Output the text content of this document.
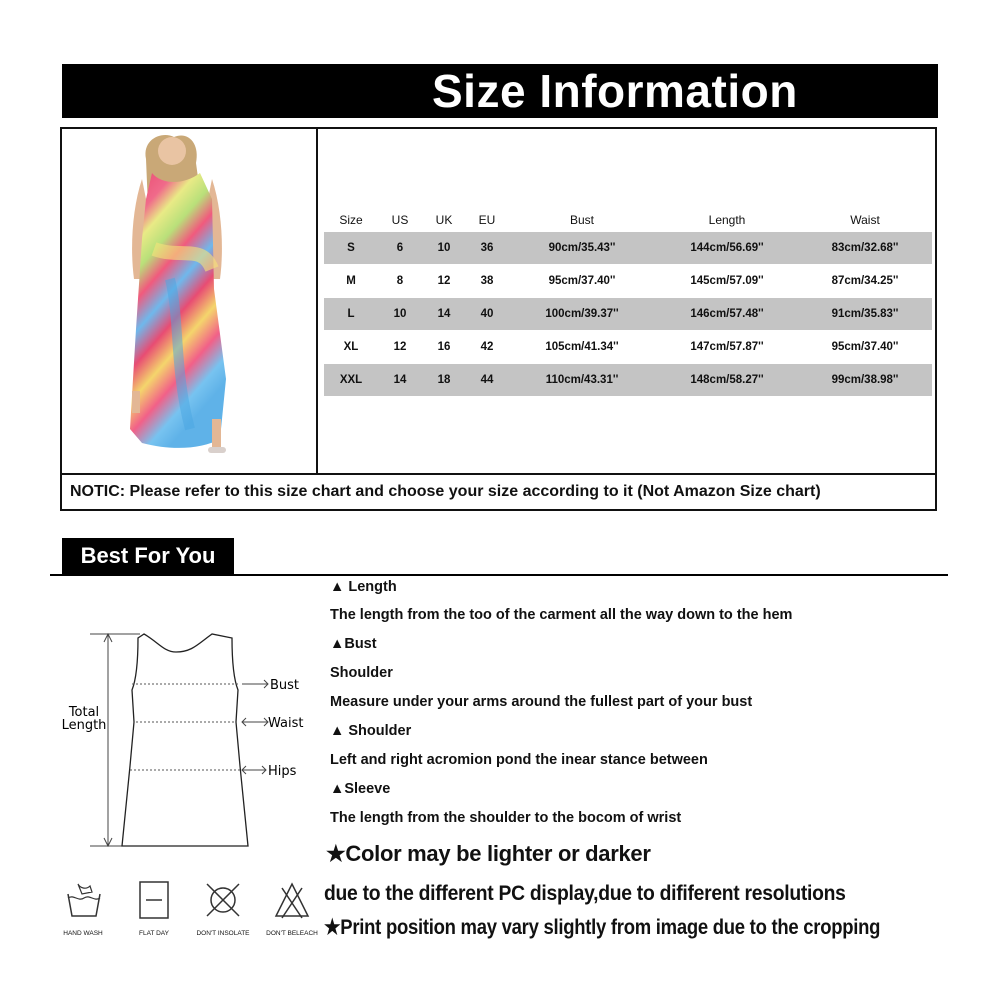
Size Information
NOTIC: Please refer to this size chart and choose your size according to it (Not Amazon Size chart)
Size	US	UK	EU	Bust	Length	Waist
S	6	10	36	90cm/35.43''	144cm/56.69''	83cm/32.68''
M	8	12	38	95cm/37.40''	145cm/57.09''	87cm/34.25''
L	10	14	40	100cm/39.37''	146cm/57.48''	91cm/35.83''
XL	12	16	42	105cm/41.34''	147cm/57.87''	95cm/37.40''
XXL	14	18	44	110cm/43.31''	148cm/58.27''	99cm/38.98''
Best For You
Total
Length
Bust
Waist
Hips
▲ Length
The length from the too of the carment all the way down to the hem
▲Bust
Shoulder
Measure under your arms around the fullest part of your bust
▲ Shoulder
Left and right acromion pond the inear stance between
▲Sleeve
The length from the shoulder to the bocom of wrist
★Color may be lighter or darker
due to the different PC display,due to dififerent resolutions
★Print position may vary slightly from image due to the cropping
HAND WASH	FLAT DAY	DON'T INSOLATE	DON'T BELEACH
